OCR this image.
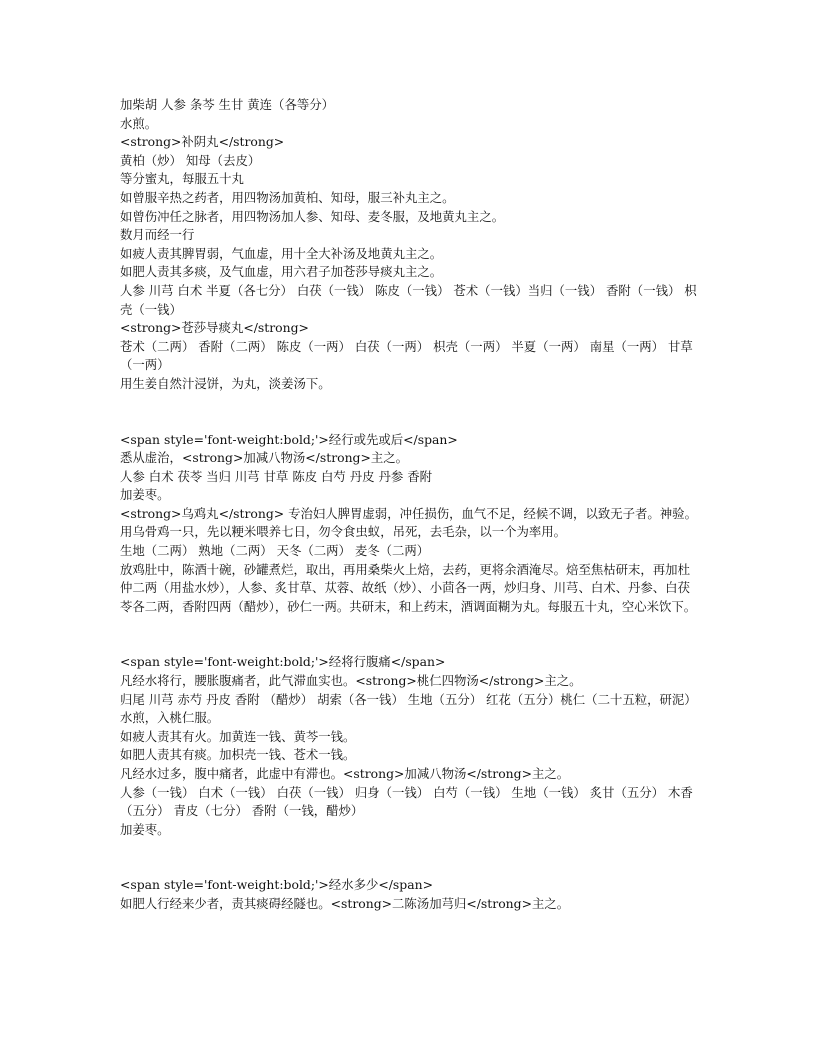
加柴胡 人参 条芩 生甘 黄连（各等分）
水煎。
<strong>补阴丸</strong>
黄柏（炒） 知母（去皮）
等分蜜丸，每服五十丸
如曾服辛热之药者，用四物汤加黄柏、知母，服三补丸主之。
如曾伤冲任之脉者，用四物汤加人参、知母、麦冬服，及地黄丸主之。
数月而经一行
如疲人责其脾胃弱，气血虚，用十全大补汤及地黄丸主之。
如肥人责其多痰，及气血虚，用六君子加苍莎导痰丸主之。
人参 川芎 白术 半夏（各七分） 白茯（一钱） 陈皮（一钱） 苍术（一钱）当归（一钱） 香附（一钱） 枳壳（一钱）
<strong>苍莎导痰丸</strong>
苍术（二两） 香附（二两） 陈皮（一两） 白茯（一两） 枳壳（一两） 半夏（一两） 南星（一两） 甘草（一两）
用生姜自然汁浸饼，为丸，淡姜汤下。
<span style='font-weight:bold;'>经行或先或后</span>
悉从虚治，<strong>加减八物汤</strong>主之。
人参 白术 茯苓 当归 川芎 甘草 陈皮 白芍 丹皮 丹参 香附
加姜枣。
<strong>乌鸡丸</strong> 专治妇人脾胃虚弱，冲任损伤，血气不足，经候不调，以致无子者。神验。
用乌骨鸡一只，先以粳米喂养七日，勿令食虫蚁，吊死，去毛杂，以一个为率用。
生地（二两） 熟地（二两） 天冬（二两） 麦冬（二两）
放鸡肚中，陈酒十碗，砂罐煮烂，取出，再用桑柴火上焙，去药，更将余酒淹尽。焙至焦枯研末，再加杜仲二两（用盐水炒），人参、炙甘草、苁蓉、故纸（炒）、小茴各一两，炒归身、川芎、白术、丹参、白茯苓各二两，香附四两（醋炒），砂仁一两。共研末，和上药末，酒调面糊为丸。每服五十丸，空心米饮下。
<span style='font-weight:bold;'>经将行腹痛</span>
凡经水将行，腰胀腹痛者，此气滞血实也。<strong>桃仁四物汤</strong>主之。
归尾 川芎 赤芍 丹皮 香附 （醋炒） 胡索（各一钱） 生地（五分） 红花（五分）桃仁（二十五粒，研泥）
水煎，入桃仁服。
如疲人责其有火。加黄连一钱、黄芩一钱。
如肥人责其有痰。加枳壳一钱、苍术一钱。
凡经水过多，腹中痛者，此虚中有滞也。<strong>加减八物汤</strong>主之。
人参（一钱） 白术（一钱） 白茯（一钱） 归身（一钱） 白芍（一钱） 生地（一钱） 炙甘（五分） 木香（五分） 青皮（七分） 香附（一钱，醋炒）
加姜枣。
<span style='font-weight:bold;'>经水多少</span>
如肥人行经来少者，责其痰碍经隧也。<strong>二陈汤加芎归</strong>主之。
